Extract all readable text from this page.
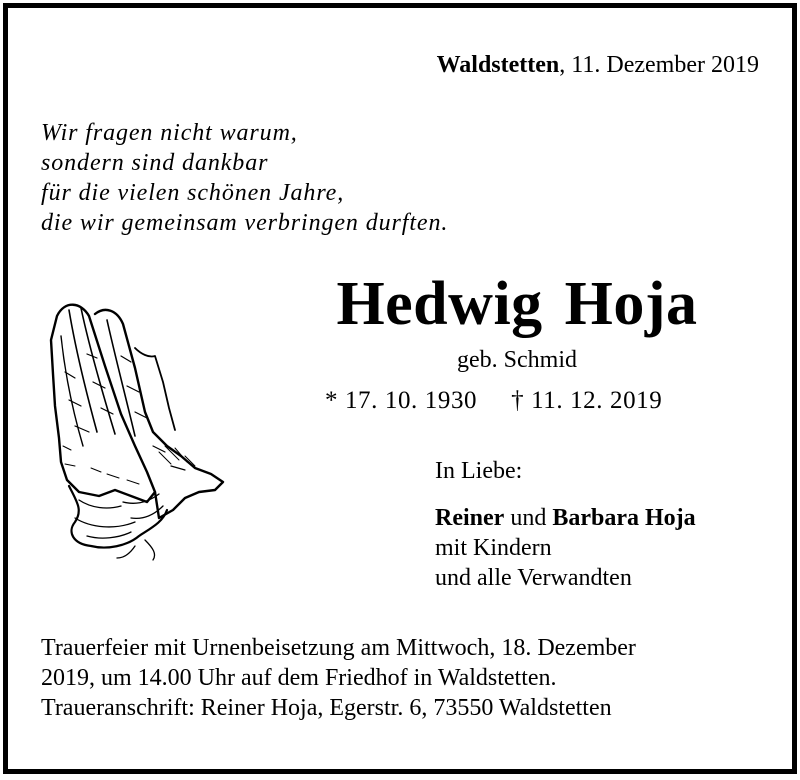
Waldstetten, 11. Dezember 2019
Wir fragen nicht warum,
sondern sind dankbar
für die vielen schönen Jahre,
die wir gemeinsam verbringen durften.
Hedwig Hoja
geb. Schmid
* 17. 10. 1930 † 11. 12. 2019
In Liebe:
Reiner und Barbara Hoja
mit Kindern
und alle Verwandten
Trauerfeier mit Urnenbeisetzung am Mittwoch, 18. Dezember
2019, um 14.00 Uhr auf dem Friedhof in Waldstetten.
Traueranschrift: Reiner Hoja, Egerstr. 6, 73550 Waldstetten
